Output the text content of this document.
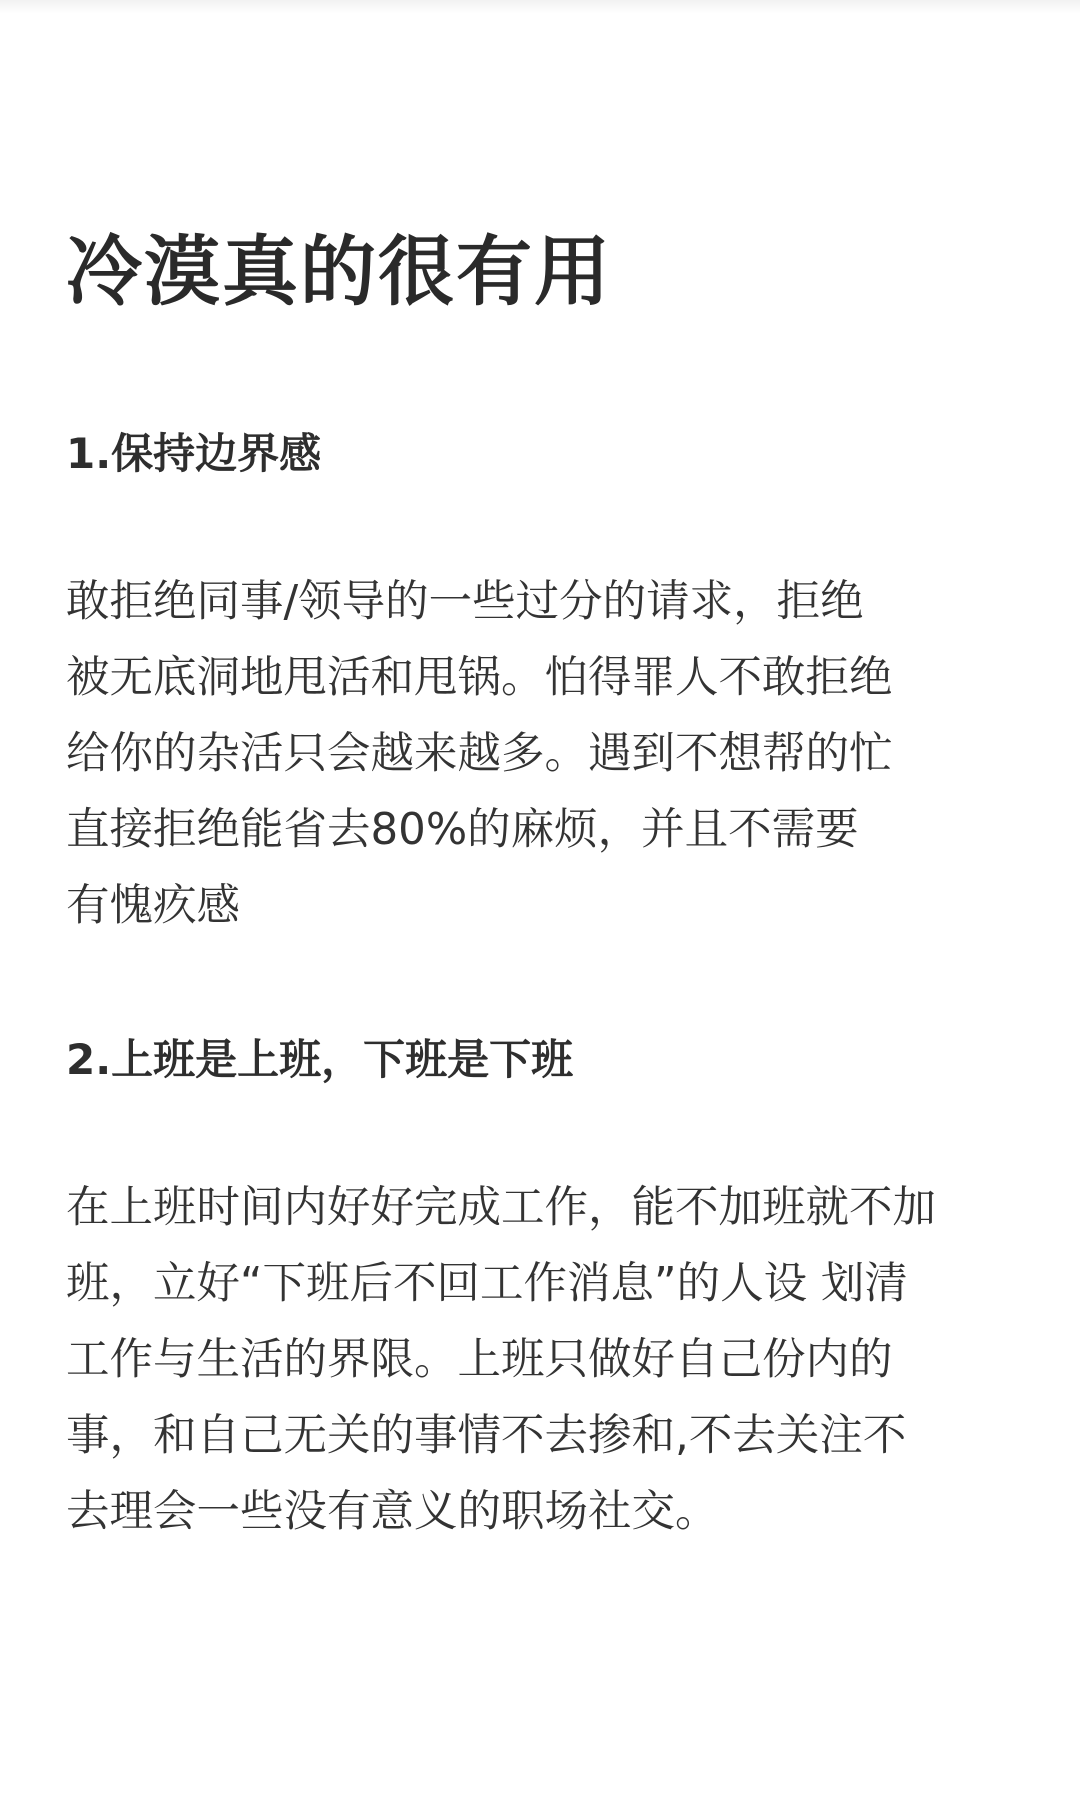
冷漠真的很有用
1.保持边界感
敢拒绝同事/领导的一些过分的请求，拒绝
被无底洞地甩活和甩锅。怕得罪人不敢拒绝
给你的杂活只会越来越多。遇到不想帮的忙
直接拒绝能省去80%的麻烦，并且不需要
有愧疚感
2.上班是上班，下班是下班
在上班时间内好好完成工作，能不加班就不加
班，立好“下班后不回工作消息”的人设 划清
工作与生活的界限。上班只做好自己份内的
事，和自己无关的事情不去掺和,不去关注不
去理会一些没有意义的职场社交。
